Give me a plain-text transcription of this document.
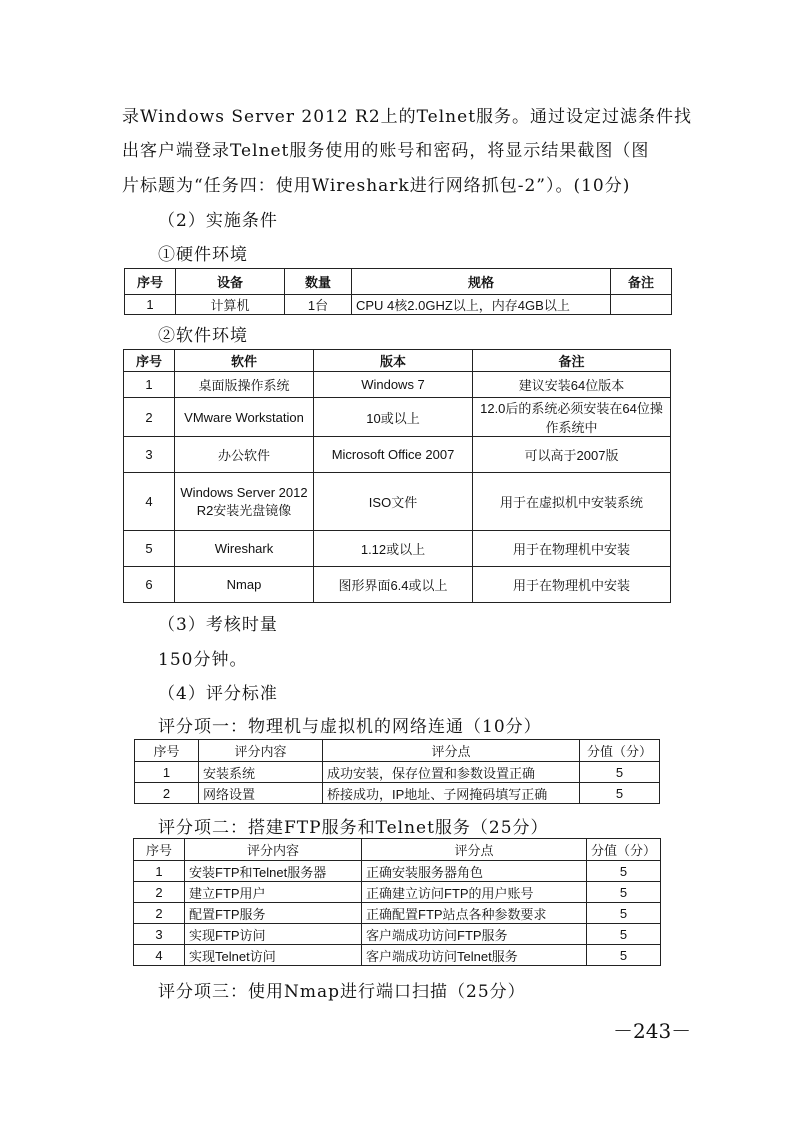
录Windows Server 2012 R2上的Telnet服务。通过设定过滤条件找
出客户端登录Telnet服务使用的账号和密码，将显示结果截图（图
片标题为“任务四：使用Wireshark进行网络抓包-2”）。(10分)
（2）实施条件
①硬件环境
序号	设备	数量	规格	备注
1	计算机	1台	CPU 4核2.0GHZ以上，内存4GB以上	
②软件环境
序号	软件	版本	备注
1	桌面版操作系统	Windows 7	建议安装64位版本
2	VMware Workstation	10或以上	12.0后的系统必须安装在64位操作系统中
3	办公软件	Microsoft Office 2007	可以高于2007版
4	Windows Server 2012 R2安装光盘镜像	ISO文件	用于在虚拟机中安装系统
5	Wireshark	1.12或以上	用于在物理机中安装
6	Nmap	图形界面6.4或以上	用于在物理机中安装
（3）考核时量
150分钟。
（4）评分标准
评分项一：物理机与虚拟机的网络连通（10分）
序号	评分内容	评分点	分值（分）
1	安装系统	成功安装，保存位置和参数设置正确	5
2	网络设置	桥接成功，IP地址、子网掩码填写正确	5
评分项二：搭建FTP服务和Telnet服务（25分）
序号	评分内容	评分点	分值（分）
1	安装FTP和Telnet服务器	正确安装服务器角色	5
2	建立FTP用户	正确建立访问FTP的用户账号	5
2	配置FTP服务	正确配置FTP站点各种参数要求	5
3	实现FTP访问	客户端成功访问FTP服务	5
4	实现Telnet访问	客户端成功访问Telnet服务	5
评分项三：使用Nmap进行端口扫描（25分）
－243－
